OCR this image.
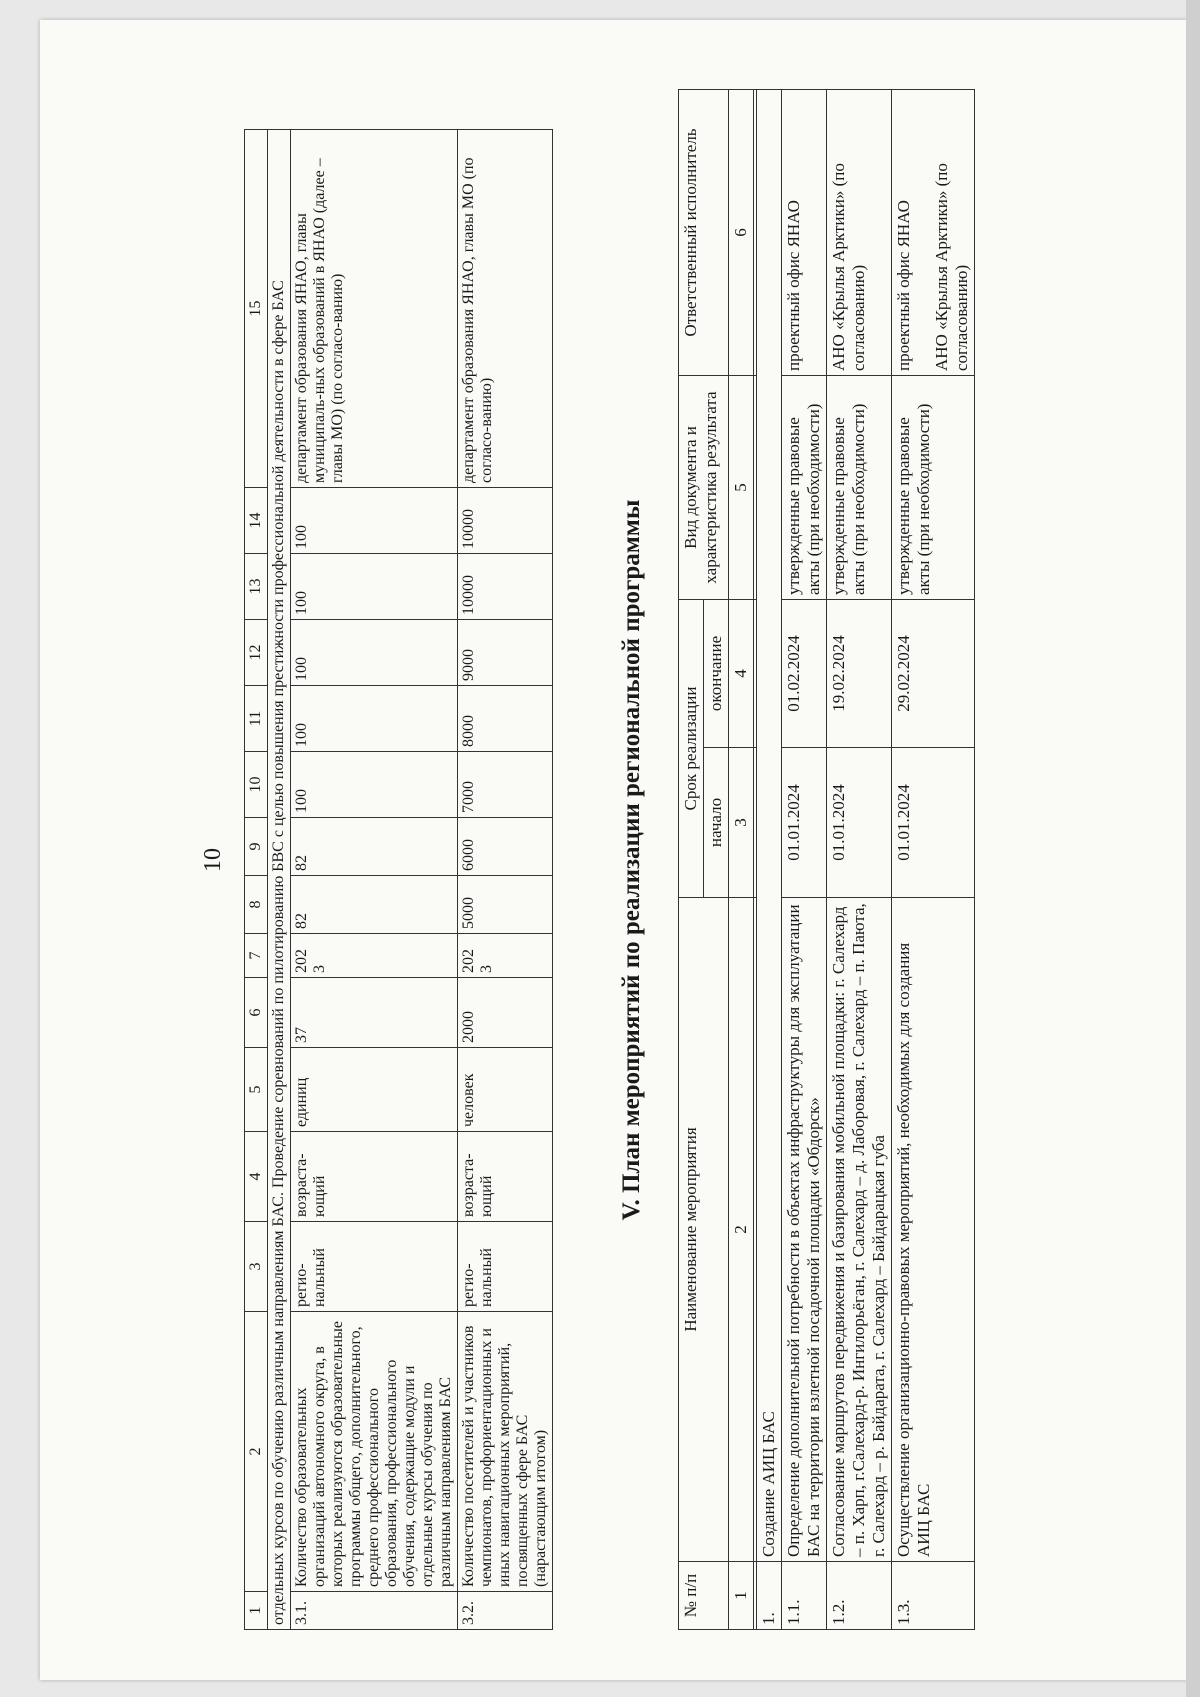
10
1	2	3	4	5	6	7	8	9	10	11	12	13	14	15
отдельных курсов по обучению различным направлениям БАС. Проведение соревнований по пилотированию БВС с целью повышения престижности профессиональной деятельности в сфере БАС														
3.1.	Количество образовательных организаций автономного округа, в которых реализуются образовательные программы общего, дополнительного, среднего профессионального образования, профессионального обучения, содержащие модули и отдельные курсы обучения по различным направлениям БАС	регио-нальный	возраста-ющий	единиц	37	202 3	82	82	100	100	100	100	100	департамент образования ЯНАО, главы муниципаль-ных образований в ЯНАО (далее – главы МО) (по согласо-ванию)
3.2.	Количество посетителей и участников чемпионатов, профориентационных и иных навигационных мероприятий, посвященных сфере БАС (нарастающим итогом)	регио-нальный	возраста-ющий	человек	2000	202 3	5000	6000	7000	8000	9000	10000	10000	департамент образования ЯНАО, главы МО (по согласо-ванию)
V. План мероприятий по реализации региональной программы
№ п/п	Наименование мероприятия	Срок реализации		Вид документа и характеристика результата	Ответственный исполнитель
		начало	окончание		
1	2	3	4	5	6

1.	Создание АИЦ БАС				
1.1.	Определение дополнительной потребности в объектах инфраструктуры для эксплуатации БАС на территории взлетной посадочной площадки «Обдорск»	01.01.2024	01.02.2024	утвержденные правовые акты (при необходимости)	проектный офис ЯНАО
1.2.	Согласование маршрутов передвижения и базирования мобильной площадки: г. Салехард – п. Харп, г.Салехард-р. Ингилорьёган, г. Салехард – д. Лаборовая, г. Салехард – п. Паюта, г. Салехард – р. Байдарата, г. Салехард – Байдарацкая губа	01.01.2024	19.02.2024	утвержденные правовые акты (при необходимости)	АНО «Крылья Арктики» (по согласованию)
1.3.	Осуществление организационно-правовых мероприятий, необходимых для создания АИЦ БАС	01.01.2024	29.02.2024	утвержденные правовые акты (при необходимости)	проектный офис ЯНАО АНО «Крылья Арктики» (по согласованию)
